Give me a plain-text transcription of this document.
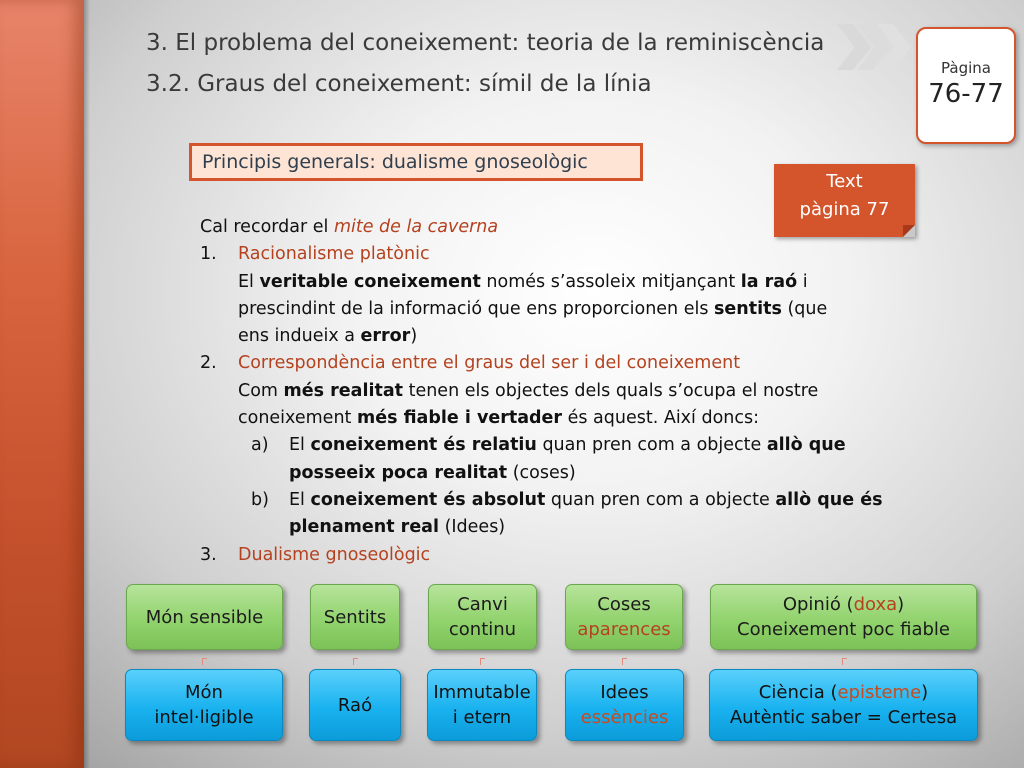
3. El problema del coneixement: teoria de la reminiscència
3.2. Graus del coneixement: símil de la línia
Pàgina
76-77
Principis generals: dualisme gnoseològic
Text
pàgina 77
Cal recordar el mite de la caverna
1. Racionalisme platònic
El veritable coneixement només s’assoleix mitjançant la raó i
prescindint de la informació que ens proporcionen els sentits (que
ens indueix a error)
2. Correspondència entre el graus del ser i del coneixement
Com més realitat tenen els objectes dels quals s’ocupa el nostre
coneixement més fiable i vertader és aquest. Així doncs:
a) El coneixement és relatiu quan pren com a objecte allò que
posseeix poca realitat (coses)
b) El coneixement és absolut quan pren com a objecte allò que és
plenament real (Idees)
3. Dualisme gnoseològic
Món sensible	Sentits
Canvi
continu
Coses
aparences
Opinió (doxa)
Coneixement poc fiable
Món
intel·ligible
Raó
Immutable
i etern
Idees
essències
Ciència (episteme)
Autèntic saber = Certesa
